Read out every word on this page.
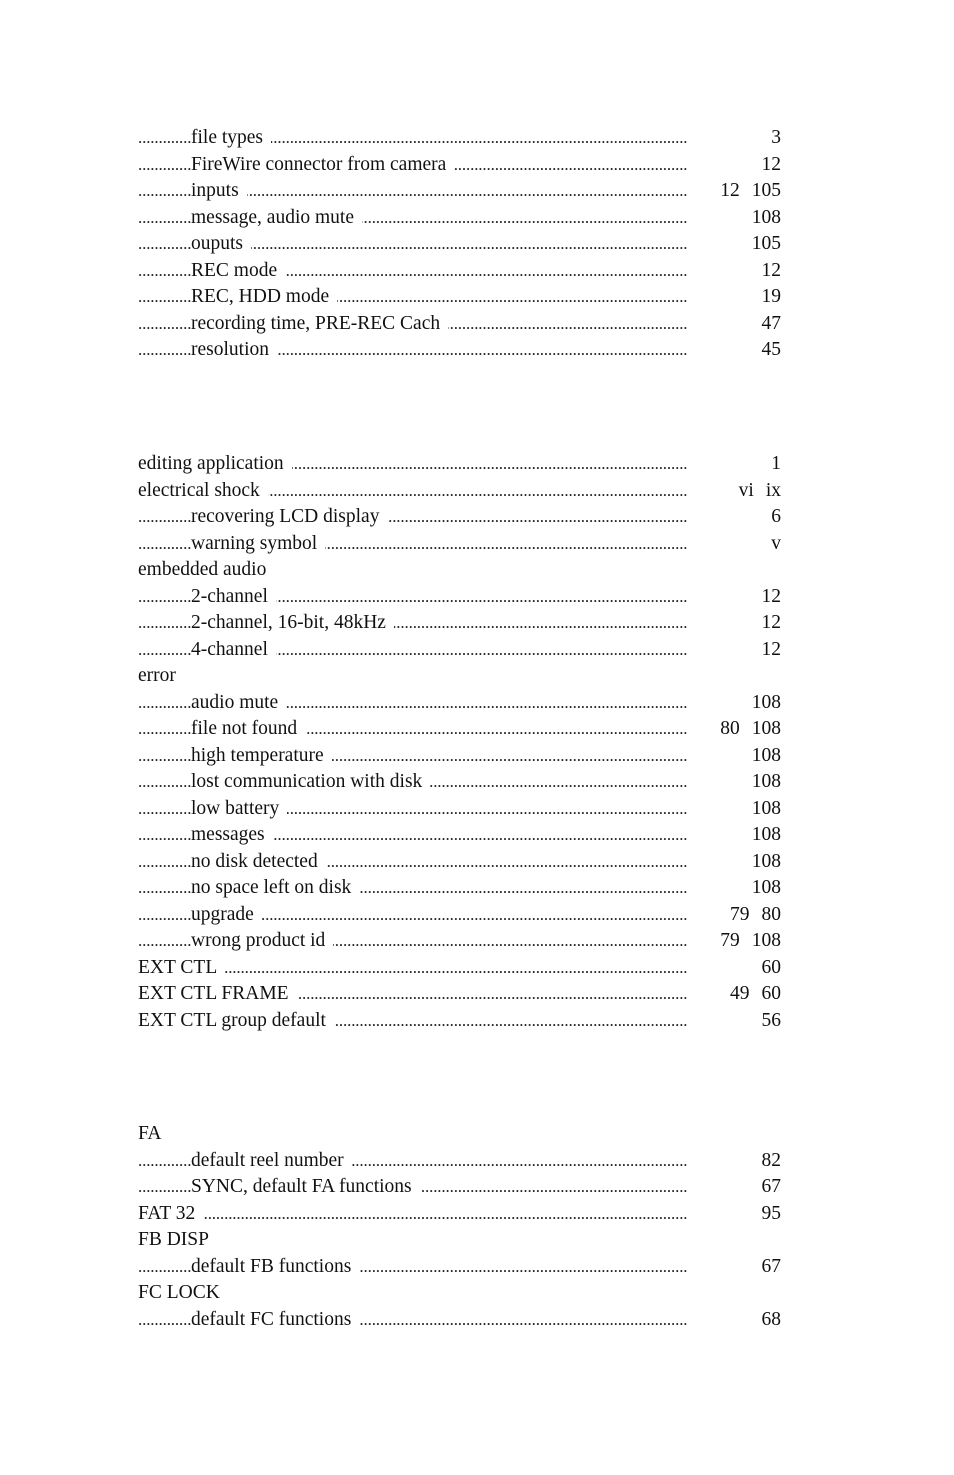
file types	3
. . .
FireWire connector from camera	12
. . .
inputs	12 105
. . .
message, audio mute	108
. . .
ouputs	105
. . .
REC mode	12
. . .
REC, HDD mode	19
. . .
recording time, PRE-REC Cach	47
. . .
resolution	45
. . .
editing application	1
. . .
electrical shock	vi ix
. . .
recovering LCD display	6
. . .
warning symbol	v
. . .
embedded audio
2-channel	12
. . .
2-channel, 16-bit, 48kHz	12
. . .
4-channel	12
. . .
error
audio mute	108
. . .
file not found	80 108
. . .
high temperature	108
. . .
lost communication with disk	108
. . .
low battery	108
. . .
messages	108
. . .
no disk detected	108
. . .
no space left on disk	108
. . .
upgrade	79 80
. . .
wrong product id	79 108
. . .
EXT CTL	60
. . .
EXT CTL FRAME	49 60
. . .
EXT CTL group default	56
. . .
FA
default reel number	82
. . .
SYNC, default FA functions	67
. . .
FAT 32	95
. . .
FB DISP
default FB functions	67
. . .
FC LOCK
default FC functions	68
. . .
